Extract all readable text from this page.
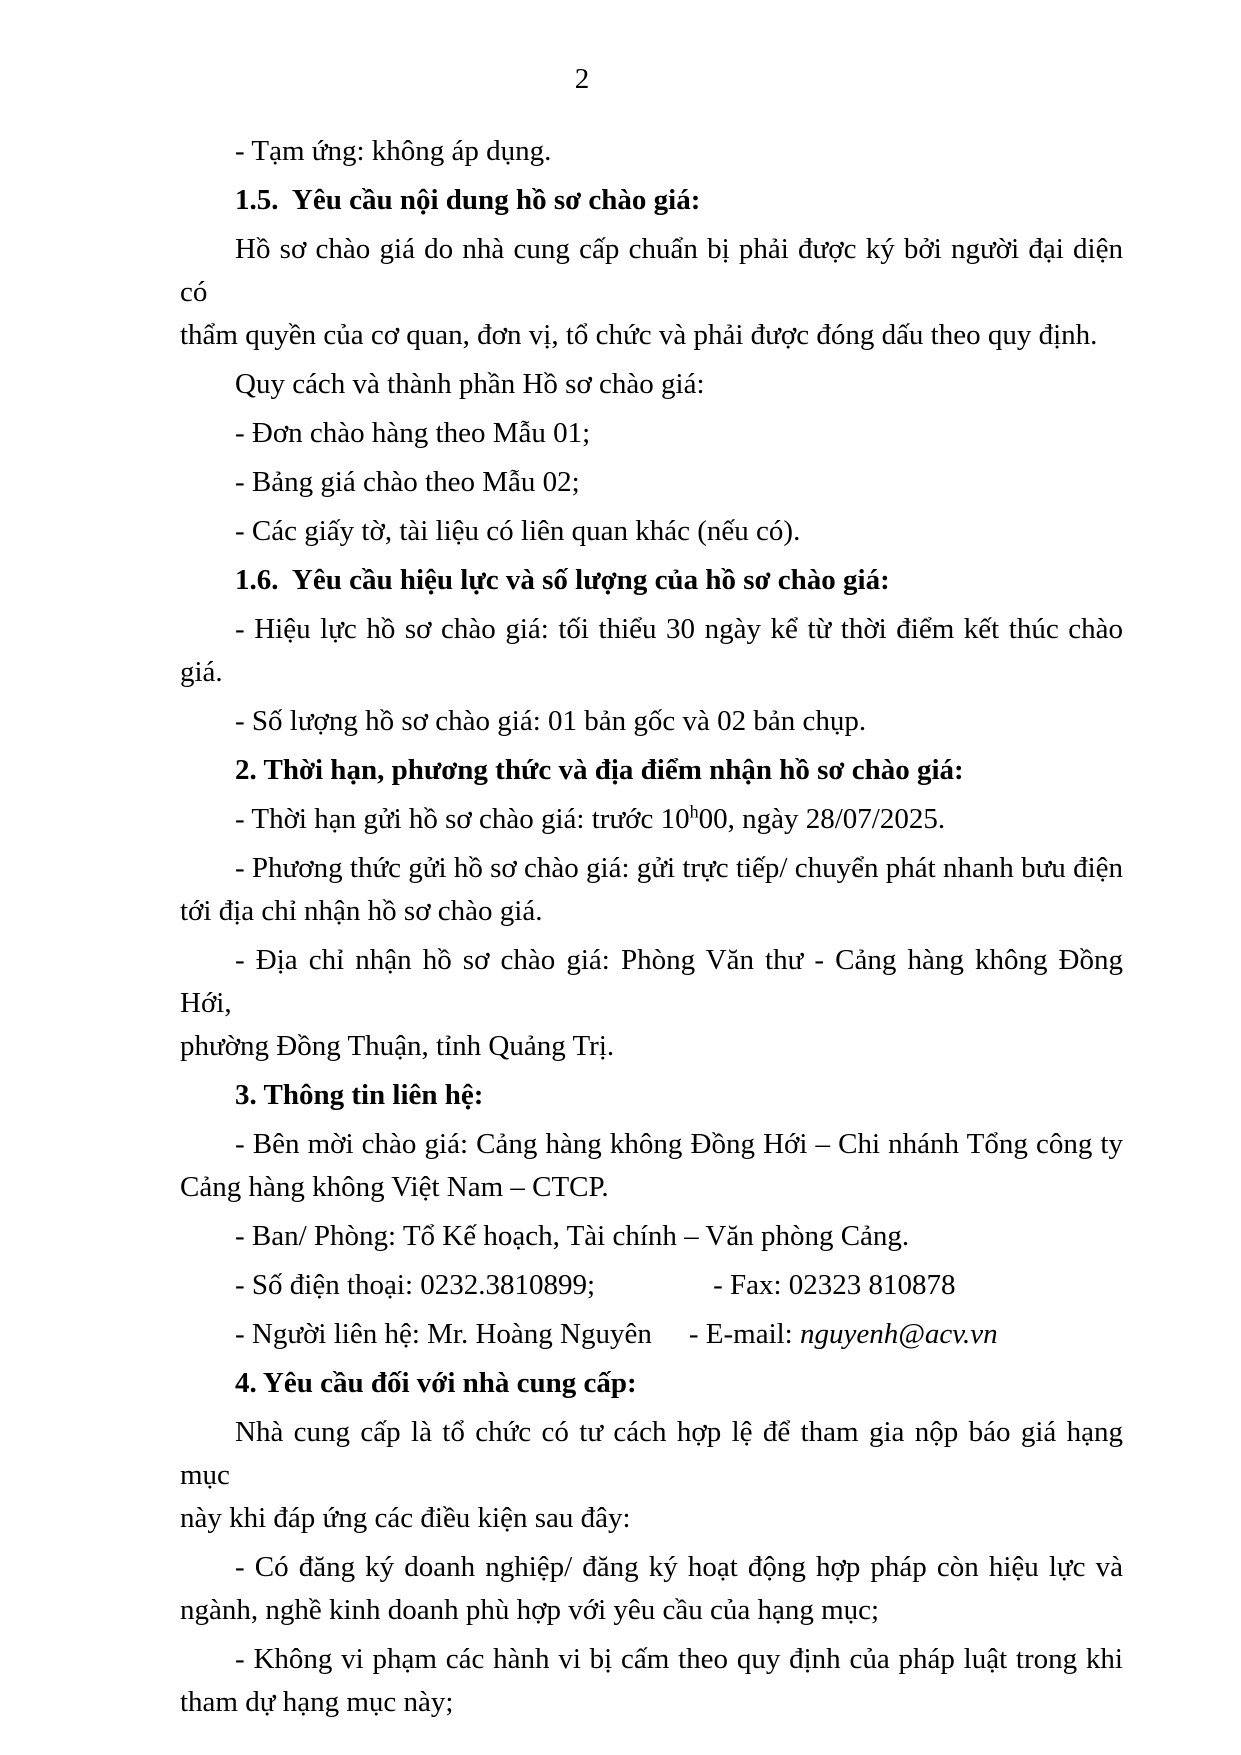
2
- Tạm ứng: không áp dụng.
1.5.  Yêu cầu nội dung hồ sơ chào giá:
Hồ sơ chào giá do nhà cung cấp chuẩn bị phải được ký bởi người đại diện có
thẩm quyền của cơ quan, đơn vị, tổ chức và phải được đóng dấu theo quy định.
Quy cách và thành phần Hồ sơ chào giá:
- Đơn chào hàng theo Mẫu 01;
- Bảng giá chào theo Mẫu 02;
- Các giấy tờ, tài liệu có liên quan khác (nếu có).
1.6.  Yêu cầu hiệu lực và số lượng của hồ sơ chào giá:
- Hiệu lực hồ sơ chào giá: tối thiểu 30 ngày kể từ thời điểm kết thúc chào
giá.
- Số lượng hồ sơ chào giá: 01 bản gốc và 02 bản chụp.
2. Thời hạn, phương thức và địa điểm nhận hồ sơ chào giá:
- Thời hạn gửi hồ sơ chào giá: trước 10$^h$00, ngày 28/07/2025.
- Phương thức gửi hồ sơ chào giá: gửi trực tiếp/ chuyển phát nhanh bưu điện
tới địa chỉ nhận hồ sơ chào giá.
- Địa chỉ nhận hồ sơ chào giá: Phòng Văn thư - Cảng hàng không Đồng Hới,
phường Đồng Thuận, tỉnh Quảng Trị.
3. Thông tin liên hệ:
- Bên mời chào giá: Cảng hàng không Đồng Hới – Chi nhánh Tổng công ty
Cảng hàng không Việt Nam – CTCP.
- Ban/ Phòng: Tổ Kế hoạch, Tài chính – Văn phòng Cảng.
- Số điện thoại: 0232.3810899;	- Fax: 02323 810878
- Người liên hệ: Mr. Hoàng Nguyên - E-mail: nguyenh@acv.vn
4. Yêu cầu đối với nhà cung cấp:
Nhà cung cấp là tổ chức có tư cách hợp lệ để tham gia nộp báo giá hạng mục
này khi đáp ứng các điều kiện sau đây:
- Có đăng ký doanh nghiệp/ đăng ký hoạt động hợp pháp còn hiệu lực và
ngành, nghề kinh doanh phù hợp với yêu cầu của hạng mục;
- Không vi phạm các hành vi bị cấm theo quy định của pháp luật trong khi
tham dự hạng mục này;
